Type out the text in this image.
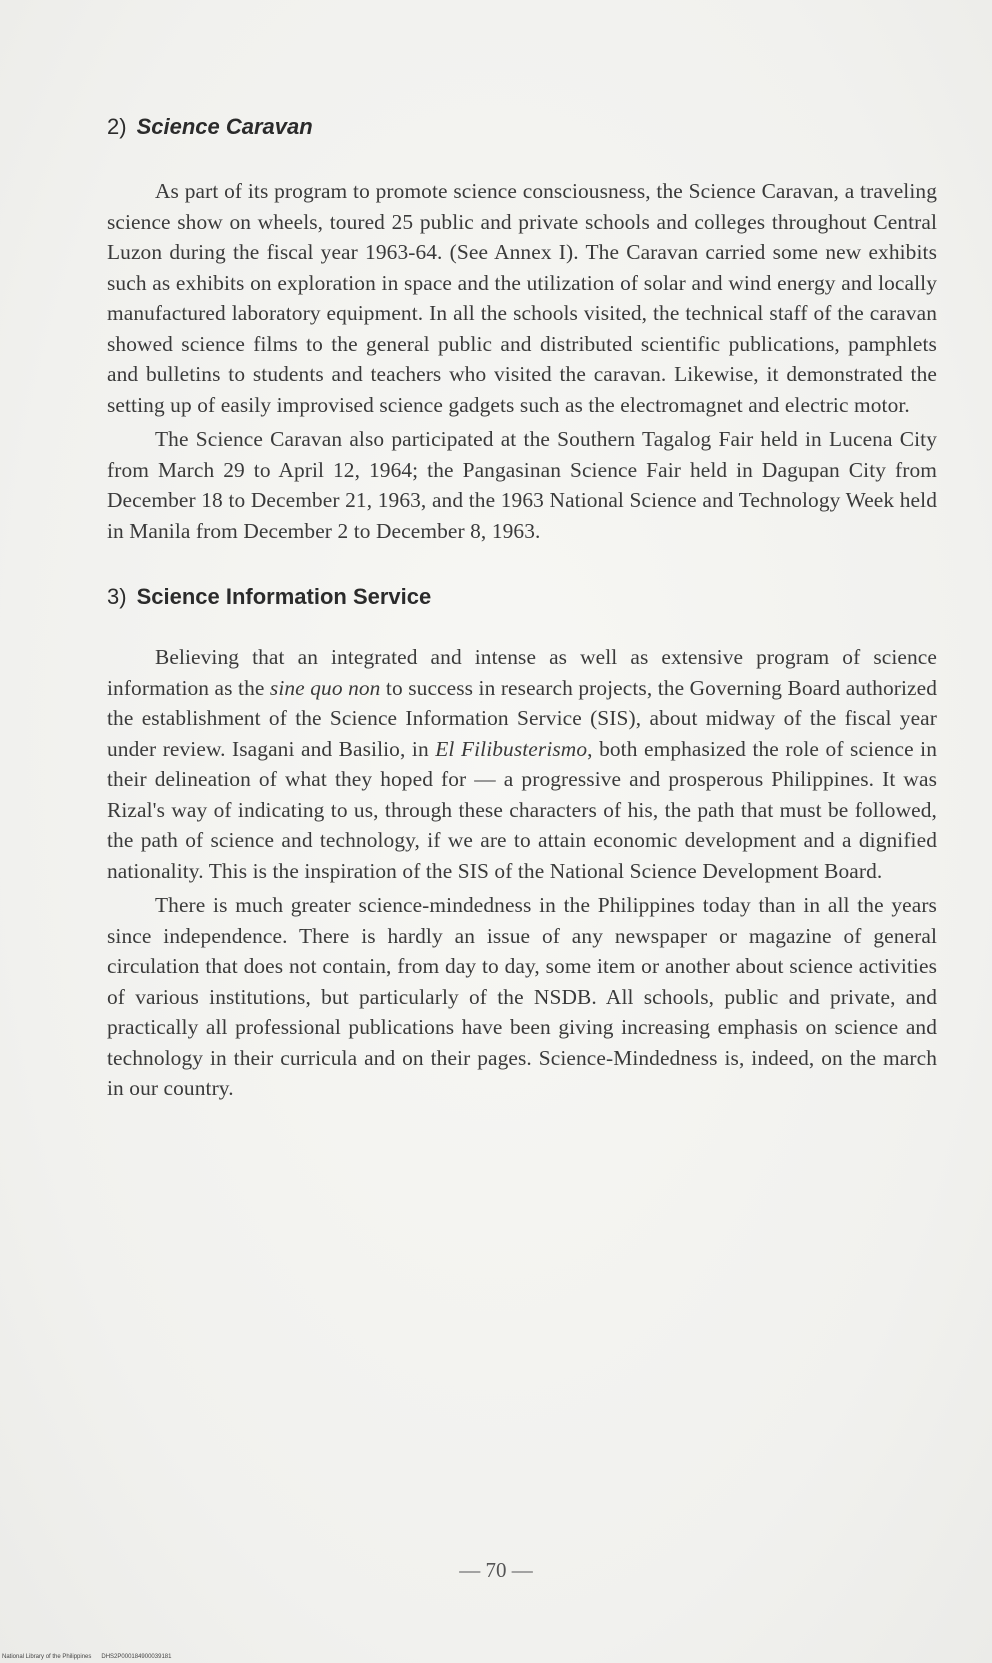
2) Science Caravan

As part of its program to promote science consciousness, the Science Caravan, a traveling science show on wheels, toured 25 public and private schools and colleges throughout Central Luzon during the fiscal year 1963-64. (See Annex I). The Caravan carried some new exhibits such as exhibits on exploration in space and the utilization of solar and wind energy and locally manufactured laboratory equipment. In all the schools visited, the technical staff of the caravan showed science films to the general public and distributed scientific publications, pamphlets and bulletins to students and teachers who visited the caravan. Likewise, it demonstrated the setting up of easily improvised science gadgets such as the electromagnet and electric motor.

The Science Caravan also participated at the Southern Tagalog Fair held in Lucena City from March 29 to April 12, 1964; the Pangasinan Science Fair held in Dagupan City from December 18 to December 21, 1963, and the 1963 National Science and Technology Week held in Manila from December 2 to December 8, 1963.

3) Science Information Service

Believing that an integrated and intense as well as extensive program of science information as the sine quo non to success in research projects, the Governing Board authorized the establishment of the Science Information Service (SIS), about midway of the fiscal year under review. Isagani and Basilio, in El Filibusterismo, both emphasized the role of science in their delineation of what they hoped for — a progressive and prosperous Philippines. It was Rizal's way of indicating to us, through these characters of his, the path that must be followed, the path of science and technology, if we are to attain economic development and a dignified nationality. This is the inspiration of the SIS of the National Science Development Board.

There is much greater science-mindedness in the Philippines today than in all the years since independence. There is hardly an issue of any newspaper or magazine of general circulation that does not contain, from day to day, some item or another about science activities of various institutions, but particularly of the NSDB. All schools, public and private, and practically all professional publications have been giving increasing emphasis on science and technology in their curricula and on their pages. Science-Mindedness is, indeed, on the march in our country.

— 70 —
National Library of the Philippines DHS2P000184900039181
